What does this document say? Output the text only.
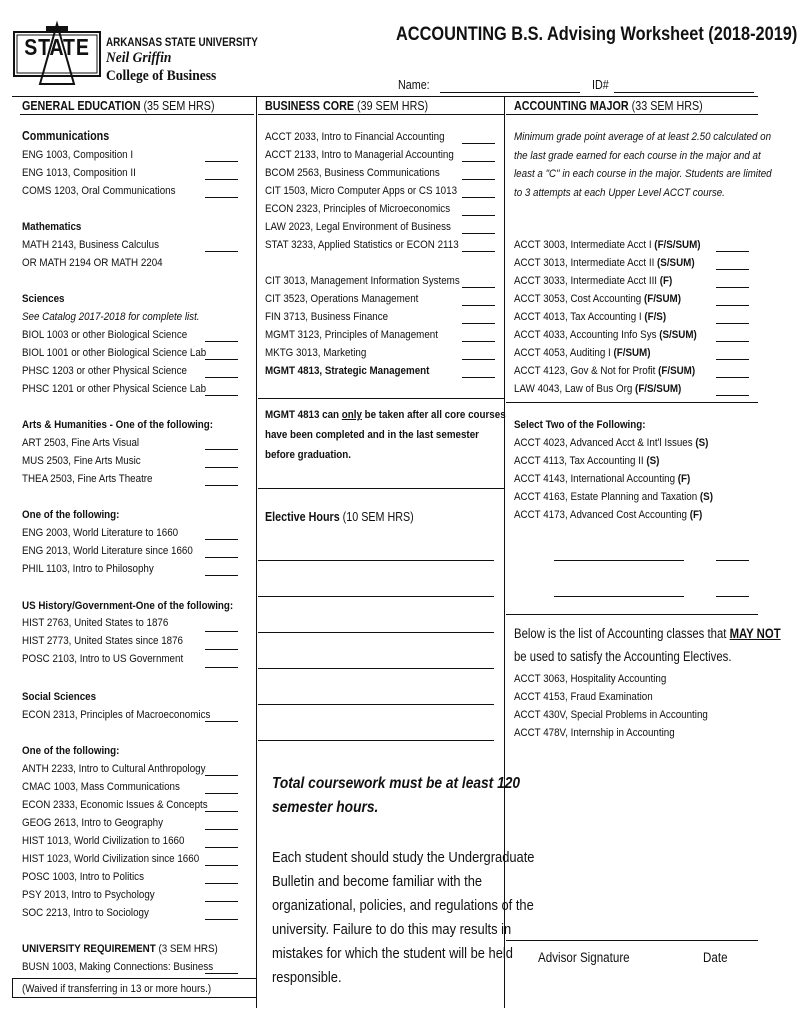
STATE ARKANSAS STATE UNIVERSITY
Neil Griffin
College of Business
ACCOUNTING B.S. Advising Worksheet (2018-2019)
Name:	ID#
GENERAL EDUCATION (35 SEM HRS)
Communications
ENG 1003, Composition I
ENG 1013, Composition II
COMS 1203, Oral Communications
Mathematics
MATH 2143, Business Calculus
OR MATH 2194 OR MATH 2204
Sciences
See Catalog 2017-2018 for complete list.
BIOL 1003 or other Biological Science
BIOL 1001 or other Biological Science Lab
PHSC 1203 or other Physical Science
PHSC 1201 or other Physical Science Lab
Arts & Humanities - One of the following:
ART 2503, Fine Arts Visual
MUS 2503, Fine Arts Music
THEA 2503, Fine Arts Theatre
One of the following:
ENG 2003, World Literature to 1660
ENG 2013, World Literature since 1660
PHIL 1103, Intro to Philosophy
US History/Government-One of the following:
HIST 2763, United States to 1876
HIST 2773, United States since 1876
POSC 2103, Intro to US Government
Social Sciences
ECON 2313, Principles of Macroeconomics
One of the following:
ANTH 2233, Intro to Cultural Anthropology
CMAC 1003, Mass Communications
ECON 2333, Economic Issues & Concepts
GEOG 2613, Intro to Geography
HIST 1013, World Civilization to 1660
HIST 1023, World Civilization since 1660
POSC 1003, Intro to Politics
PSY 2013, Intro to Psychology
SOC 2213, Intro to Sociology
UNIVERSITY REQUIREMENT (3 SEM HRS)
BUSN 1003, Making Connections: Business
(Waived if transferring in 13 or more hours.)
BUSINESS CORE (39 SEM HRS)
ACCT 2033, Intro to Financial Accounting
ACCT 2133, Intro to Managerial Accounting
BCOM 2563, Business Communications
CIT 1503, Micro Computer Apps or CS 1013
ECON 2323, Principles of Microeconomics
LAW 2023, Legal Environment of Business
STAT 3233, Applied Statistics or ECON 2113
CIT 3013, Management Information Systems
CIT 3523, Operations Management
FIN 3713, Business Finance
MGMT 3123, Principles of Management
MKTG 3013, Marketing
MGMT 4813, Strategic Management
MGMT 4813 can only be taken after all core courses
have been completed and in the last semester
before graduation.
Elective Hours (10 SEM HRS)
Total coursework must be at least 120
semester hours.
Each student should study the Undergraduate
Bulletin and become familiar with the
organizational, policies, and regulations of the
university. Failure to do this may results in
mistakes for which the student will be held
responsible.
ACCOUNTING MAJOR (33 SEM HRS)
Minimum grade point average of at least 2.50 calculated on
the last grade earned for each course in the major and at
least a "C" in each course in the major. Students are limited
to 3 attempts at each Upper Level ACCT course.
ACCT 3003, Intermediate Acct I (F/S/SUM)
ACCT 3013, Intermediate Acct II (S/SUM)
ACCT 3033, Intermediate Acct III (F)
ACCT 3053, Cost Accounting (F/SUM)
ACCT 4013, Tax Accounting I (F/S)
ACCT 4033, Accounting Info Sys (S/SUM)
ACCT 4053, Auditing I (F/SUM)
ACCT 4123, Gov & Not for Profit (F/SUM)
LAW 4043, Law of Bus Org (F/S/SUM)
Select Two of the Following:
ACCT 4023, Advanced Acct & Int'l Issues (S)
ACCT 4113, Tax Accounting II (S)
ACCT 4143, International Accounting (F)
ACCT 4163, Estate Planning and Taxation (S)
ACCT 4173, Advanced Cost Accounting (F)
Below is the list of Accounting classes that MAY NOT
be used to satisfy the Accounting Electives.
ACCT 3063, Hospitality Accounting
ACCT 4153, Fraud Examination
ACCT 430V, Special Problems in Accounting
ACCT 478V, Internship in Accounting
Advisor Signature	Date
